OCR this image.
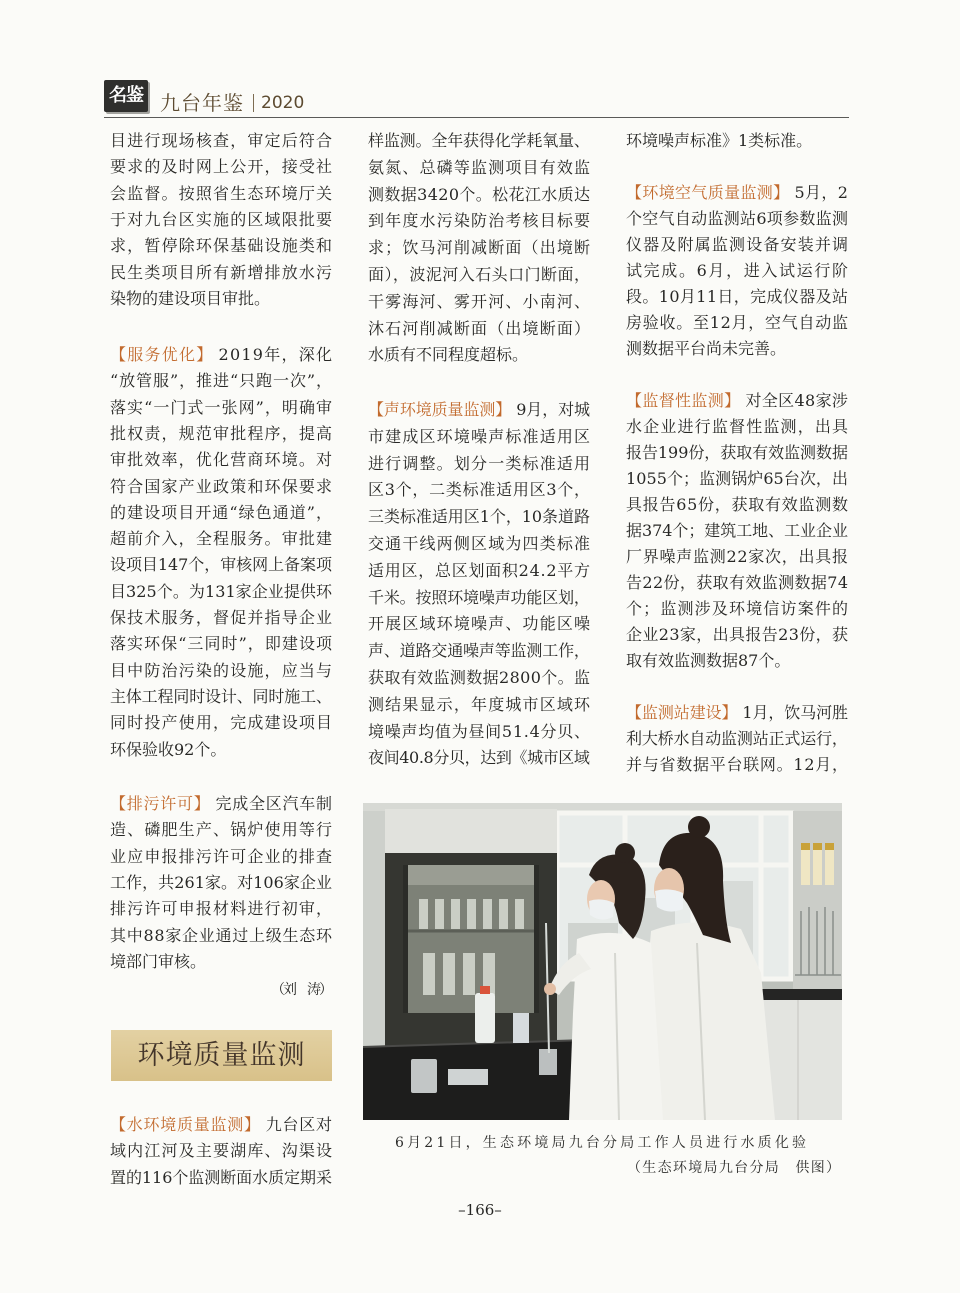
名鉴 九台年鉴 2020
（刘　涛）
环境质量监测
6月21日，生态环境局九台分局工作人员进行水质化验
（生态环境局九台分局　供图）
–166–
目进行现场核查，审定后符合
要求的及时网上公开，接受社
会监督。按照省生态环境厅关
于对九台区实施的区域限批要
求，暂停除环保基础设施类和
民生类项目所有新增排放水污
染物的建设项目审批。
【服务优化】 2019年，深化
“放管服”，推进“只跑一次”，
落实“一门式一张网”，明确审
批权责，规范审批程序，提高
审批效率，优化营商环境。对
符合国家产业政策和环保要求
的建设项目开通“绿色通道”，
超前介入，全程服务。审批建
设项目147个，审核网上备案项
目325个。为131家企业提供环
保技术服务，督促并指导企业
落实环保“三同时”，即建设项
目中防治污染的设施，应当与
主体工程同时设计、同时施工、
同时投产使用，完成建设项目
环保验收92个。
【排污许可】 完成全区汽车制
造、磷肥生产、锅炉使用等行
业应申报排污许可企业的排查
工作，共261家。对106家企业
排污许可申报材料进行初审，
其中88家企业通过上级生态环
境部门审核。
【水环境质量监测】 九台区对
域内江河及主要湖库、沟渠设
置的116个监测断面水质定期采
样监测。全年获得化学耗氧量、
氨氮、总磷等监测项目有效监
测数据3420个。松花江水质达
到年度水污染防治考核目标要
求；饮马河削减断面（出境断
面），波泥河入石头口门断面，
干雾海河、雾开河、小南河、
沐石河削减断面（出境断面）
水质有不同程度超标。
【声环境质量监测】 9月，对城
市建成区环境噪声标准适用区
进行调整。划分一类标准适用
区3个，二类标准适用区3个，
三类标准适用区1个，10条道路
交通干线两侧区域为四类标准
适用区，总区划面积24.2平方
千米。按照环境噪声功能区划，
开展区域环境噪声、功能区噪
声、道路交通噪声等监测工作，
获取有效监测数据2800个。监
测结果显示，年度城市区域环
境噪声均值为昼间51.4分贝、
夜间40.8分贝，达到《城市区域
环境噪声标准》1类标准。
【环境空气质量监测】 5月，2
个空气自动监测站6项参数监测
仪器及附属监测设备安装并调
试完成。6月，进入试运行阶
段。10月11日，完成仪器及站
房验收。至12月，空气自动监
测数据平台尚未完善。
【监督性监测】 对全区48家涉
水企业进行监督性监测，出具
报告199份，获取有效监测数据
1055个；监测锅炉65台次，出
具报告65份，获取有效监测数
据374个；建筑工地、工业企业
厂界噪声监测22家次，出具报
告22份，获取有效监测数据74
个；监测涉及环境信访案件的
企业23家，出具报告23份，获
取有效监测数据87个。
【监测站建设】 1月，饮马河胜
利大桥水自动监测站正式运行，
并与省数据平台联网。12月，
